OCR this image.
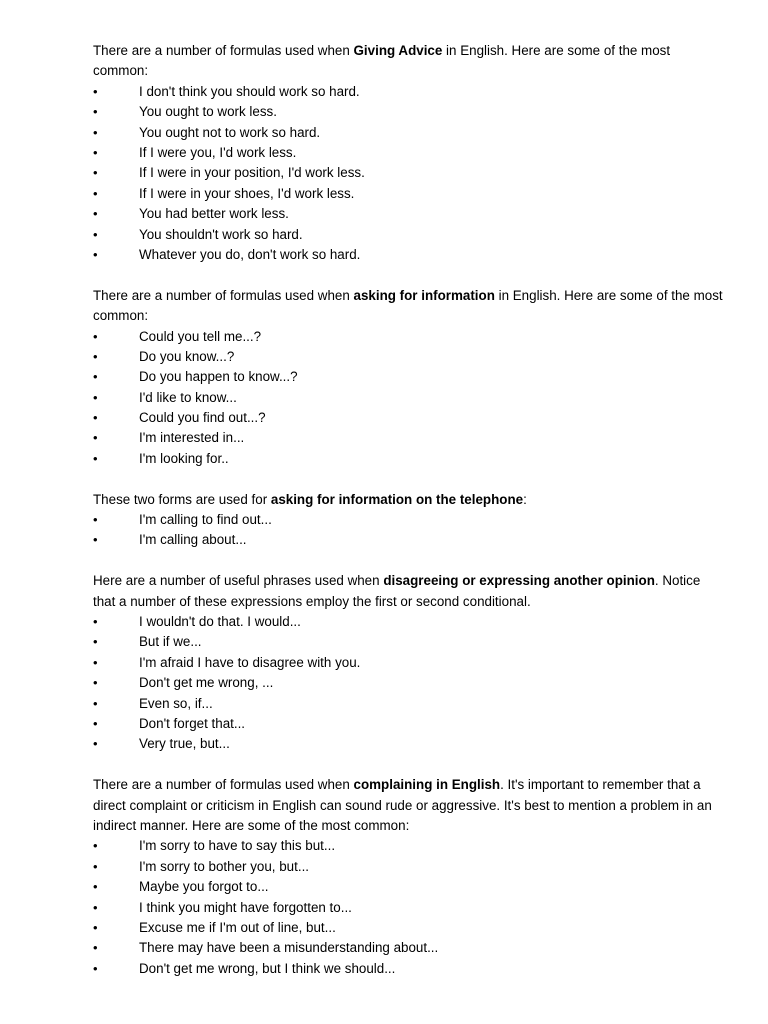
There are a number of formulas used when Giving Advice in English. Here are some of the most common:

•	I don't think you should work so hard.
•	You ought to work less.
•	You ought not to work so hard.
•	If I were you, I'd work less.
•	If I were in your position, I'd work less.
•	If I were in your shoes, I'd work less.
•	You had better work less.
•	You shouldn't work so hard.
•	Whatever you do, don't work so hard.

There are a number of formulas used when asking for information in English. Here are some of the most common:

•	Could you tell me...?
•	Do you know...?
•	Do you happen to know...?
•	I'd like to know...
•	Could you find out...?
•	I'm interested in...
•	I'm looking for..

These two forms are used for asking for information on the telephone:

•	I'm calling to find out...
•	I'm calling about...

Here are a number of useful phrases used when disagreeing or expressing another opinion. Notice that a number of these expressions employ the first or second conditional.

•	I wouldn't do that. I would...
•	But if we...
•	I'm afraid I have to disagree with you.
•	Don't get me wrong, ...
•	Even so, if...
•	Don't forget that...
•	Very true, but...

There are a number of formulas used when complaining in English. It's important to remember that a direct complaint or criticism in English can sound rude or aggressive. It's best to mention a problem in an indirect manner. Here are some of the most common:

•	I'm sorry to have to say this but...
•	I'm sorry to bother you, but...
•	Maybe you forgot to...
•	I think you might have forgotten to...
•	Excuse me if I'm out of line, but...
•	There may have been a misunderstanding about...
•	Don't get me wrong, but I think we should...
